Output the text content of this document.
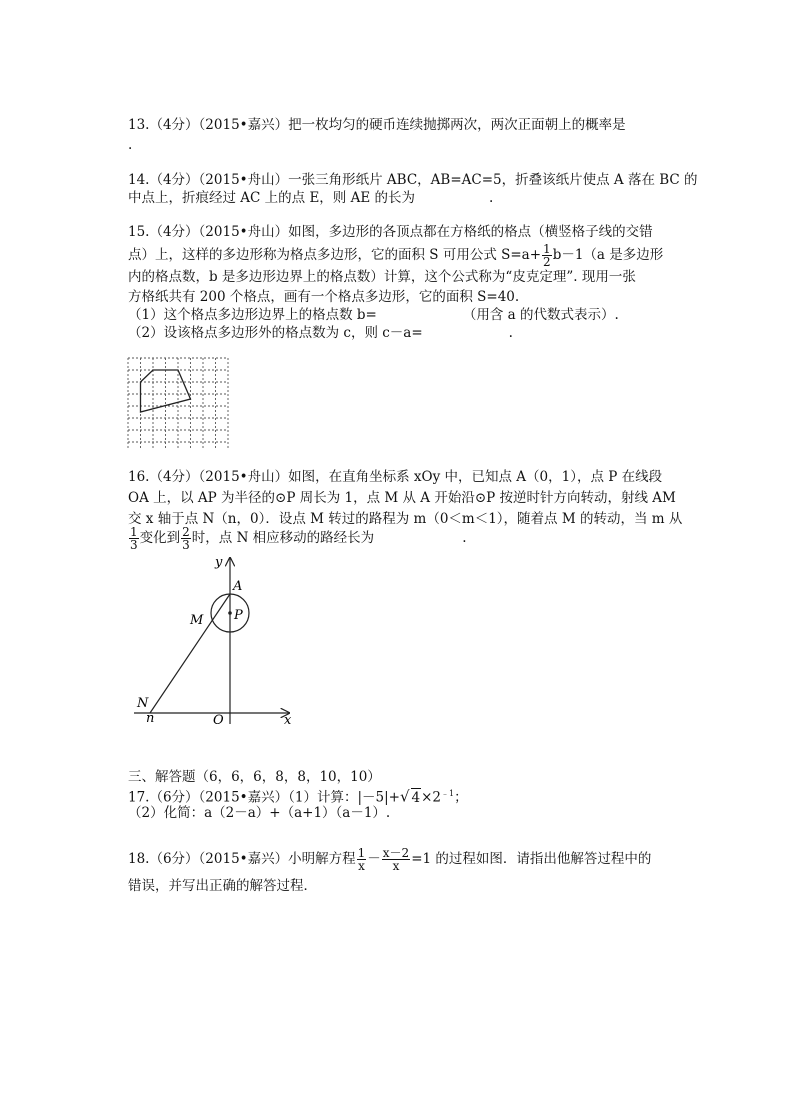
13.（4分）（2015•嘉兴）把一枚均匀的硬币连续抛掷两次，两次正面朝上的概率是
.
14.（4分）（2015•舟山）一张三角形纸片 ABC，AB=AC=5，折叠该纸片使点 A 落在 BC 的
中点上，折痕经过 AC 上的点 E，则 AE 的长为	.
15.（4分）（2015•舟山）如图，多边形的各顶点都在方格纸的格点（横竖格子线的交错
点）上，这样的多边形称为格点多边形，它的面积 S 可用公式 $S=a+ \frac{1}{2} b-1(a$ 是多边形
内的格点数，b 是多边形边界上的格点数）计算，这个公式称为“皮克定理”. 现用一张
方格纸共有 200 个格点，画有一个格点多边形，它的面积 S=40.
（1）这个格点多边形边界上的格点数 b=	（用含 a 的代数式表示）.
（2）设该格点多边形外的格点数为 c，则 c－a=	.
16.（4分）（2015•舟山）如图，在直角坐标系 xOy 中，已知点 A（0，1），点 P 在线段
OA 上，以 AP 为半径的⊙P 周长为 1，点 M 从 A 开始沿⊙P 按逆时针方向转动，射线 AM
交 x 轴于点 N（n，0）．设点 M 转过的路程为 m（0＜m＜1），随着点 M 的转动，当 m 从
$\frac{1}{3}$ 变化到 $\frac{2}{3}$ 时，点 N 相应移动的路经长为	.
y
A
P
M
N
n	O	x
三、解答题（6，6，6，8，8，10，10）
17.（6分）（2015•嘉兴）（1）计算：|－5|+√ $4\times 2^{﹣1}$；
（2）化简：a（2－a）+（a+1）（a－1）.
18.（6分）（2015•嘉兴）小明解方程 $\frac{1}{x} - \frac{x-2}{x} =1$ 的过程如图．请指出他解答过程中的
错误，并写出正确的解答过程．
